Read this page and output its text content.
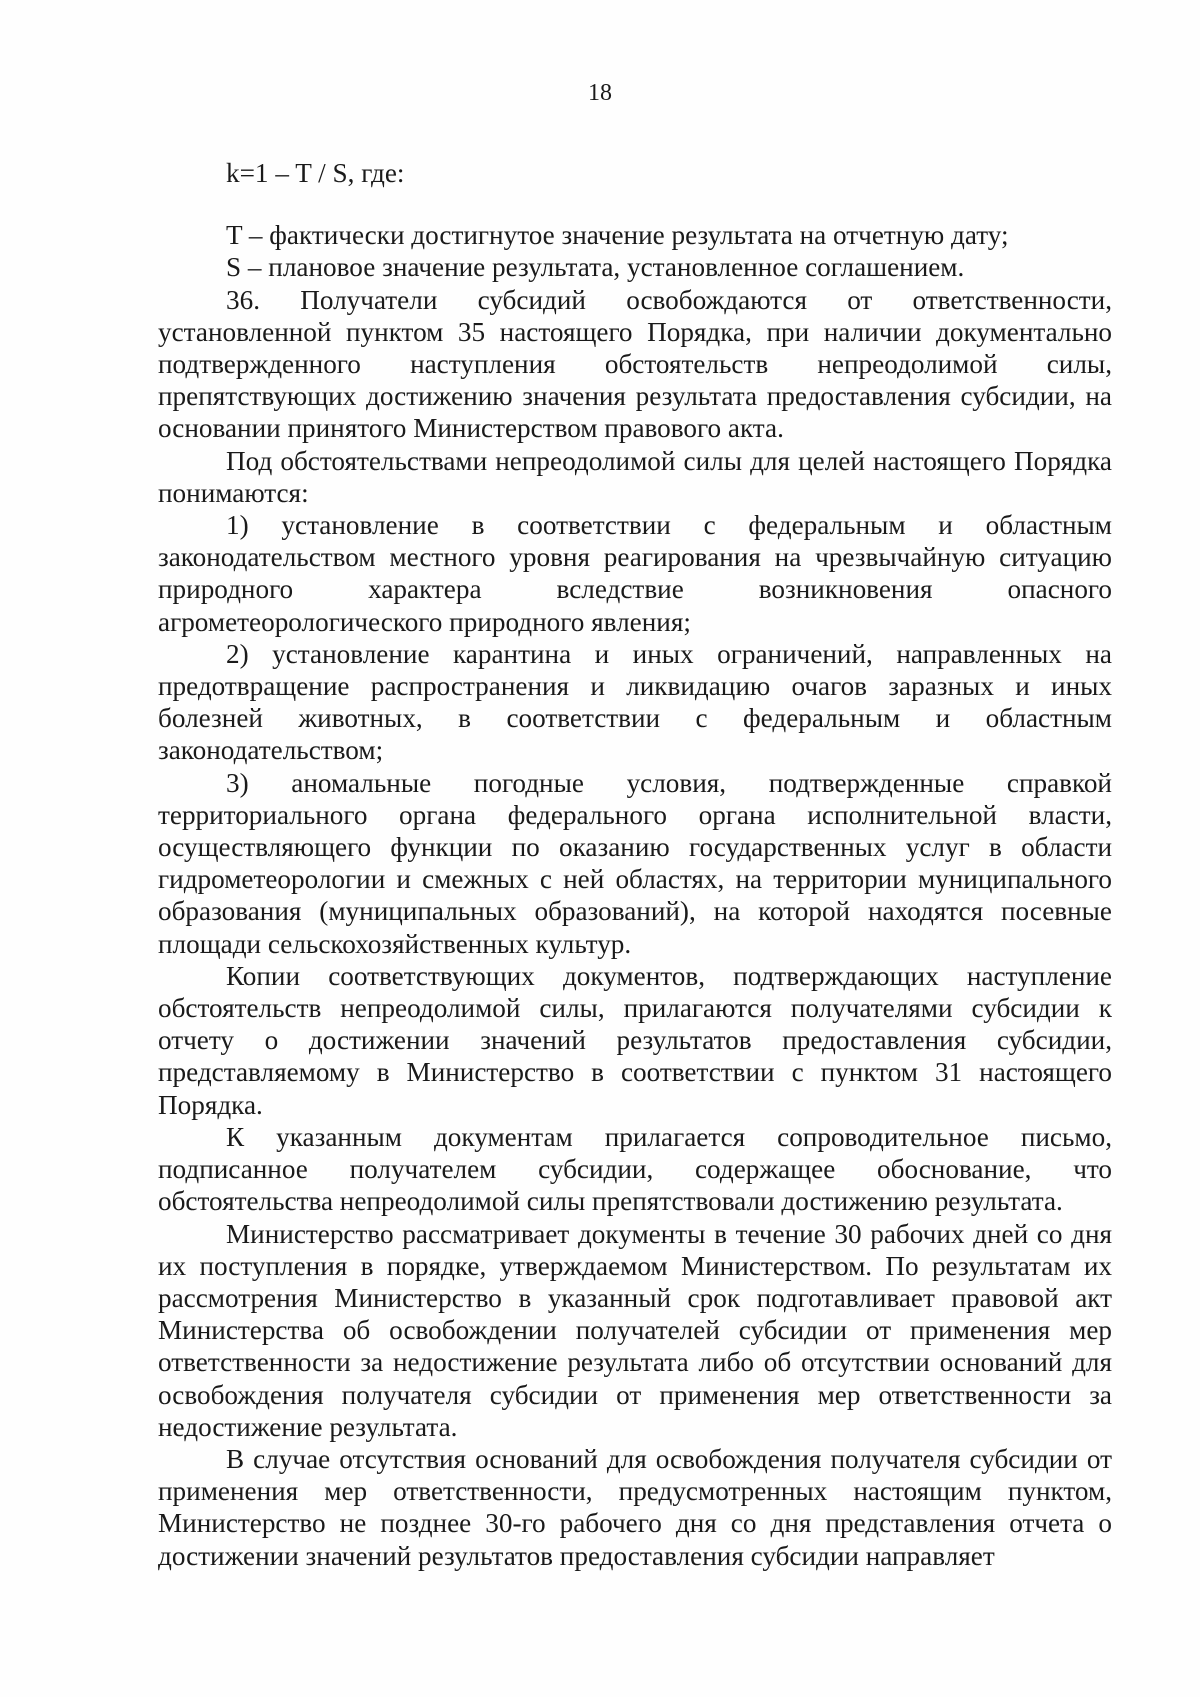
18

k=1 – T / S, где:

T – фактически достигнутое значение результата на отчетную дату;

S – плановое значение результата, установленное соглашением.

36. Получатели субсидий освобождаются от ответственности, установленной пунктом 35 настоящего Порядка, при наличии документально подтвержденного наступления обстоятельств непреодолимой силы, препятствующих достижению значения результата предоставления субсидии, на основании принятого Министерством правового акта.

Под обстоятельствами непреодолимой силы для целей настоящего Порядка понимаются:

1) установление в соответствии с федеральным и областным законодательством местного уровня реагирования на чрезвычайную ситуацию природного характера вследствие возникновения опасного агрометеорологического природного явления;

2) установление карантина и иных ограничений, направленных на предотвращение распространения и ликвидацию очагов заразных и иных болезней животных, в соответствии с федеральным и областным законодательством;

3) аномальные погодные условия, подтвержденные справкой территориального органа федерального органа исполнительной власти, осуществляющего функции по оказанию государственных услуг в области гидрометеорологии и смежных с ней областях, на территории муниципального образования (муниципальных образований), на которой находятся посевные площади сельскохозяйственных культур.

Копии соответствующих документов, подтверждающих наступление обстоятельств непреодолимой силы, прилагаются получателями субсидии к отчету о достижении значений результатов предоставления субсидии, представляемому в Министерство в соответствии с пунктом 31 настоящего Порядка.

К указанным документам прилагается сопроводительное письмо, подписанное получателем субсидии, содержащее обоснование, что обстоятельства непреодолимой силы препятствовали достижению результата.

Министерство рассматривает документы в течение 30 рабочих дней со дня их поступления в порядке, утверждаемом Министерством. По результатам их рассмотрения Министерство в указанный срок подготавливает правовой акт Министерства об освобождении получателей субсидии от применения мер ответственности за недостижение результата либо об отсутствии оснований для освобождения получателя субсидии от применения мер ответственности за недостижение результата.

В случае отсутствия оснований для освобождения получателя субсидии от применения мер ответственности, предусмотренных настоящим пунктом, Министерство не позднее 30-го рабочего дня со дня представления отчета о достижении значений результатов предоставления субсидии направляет
